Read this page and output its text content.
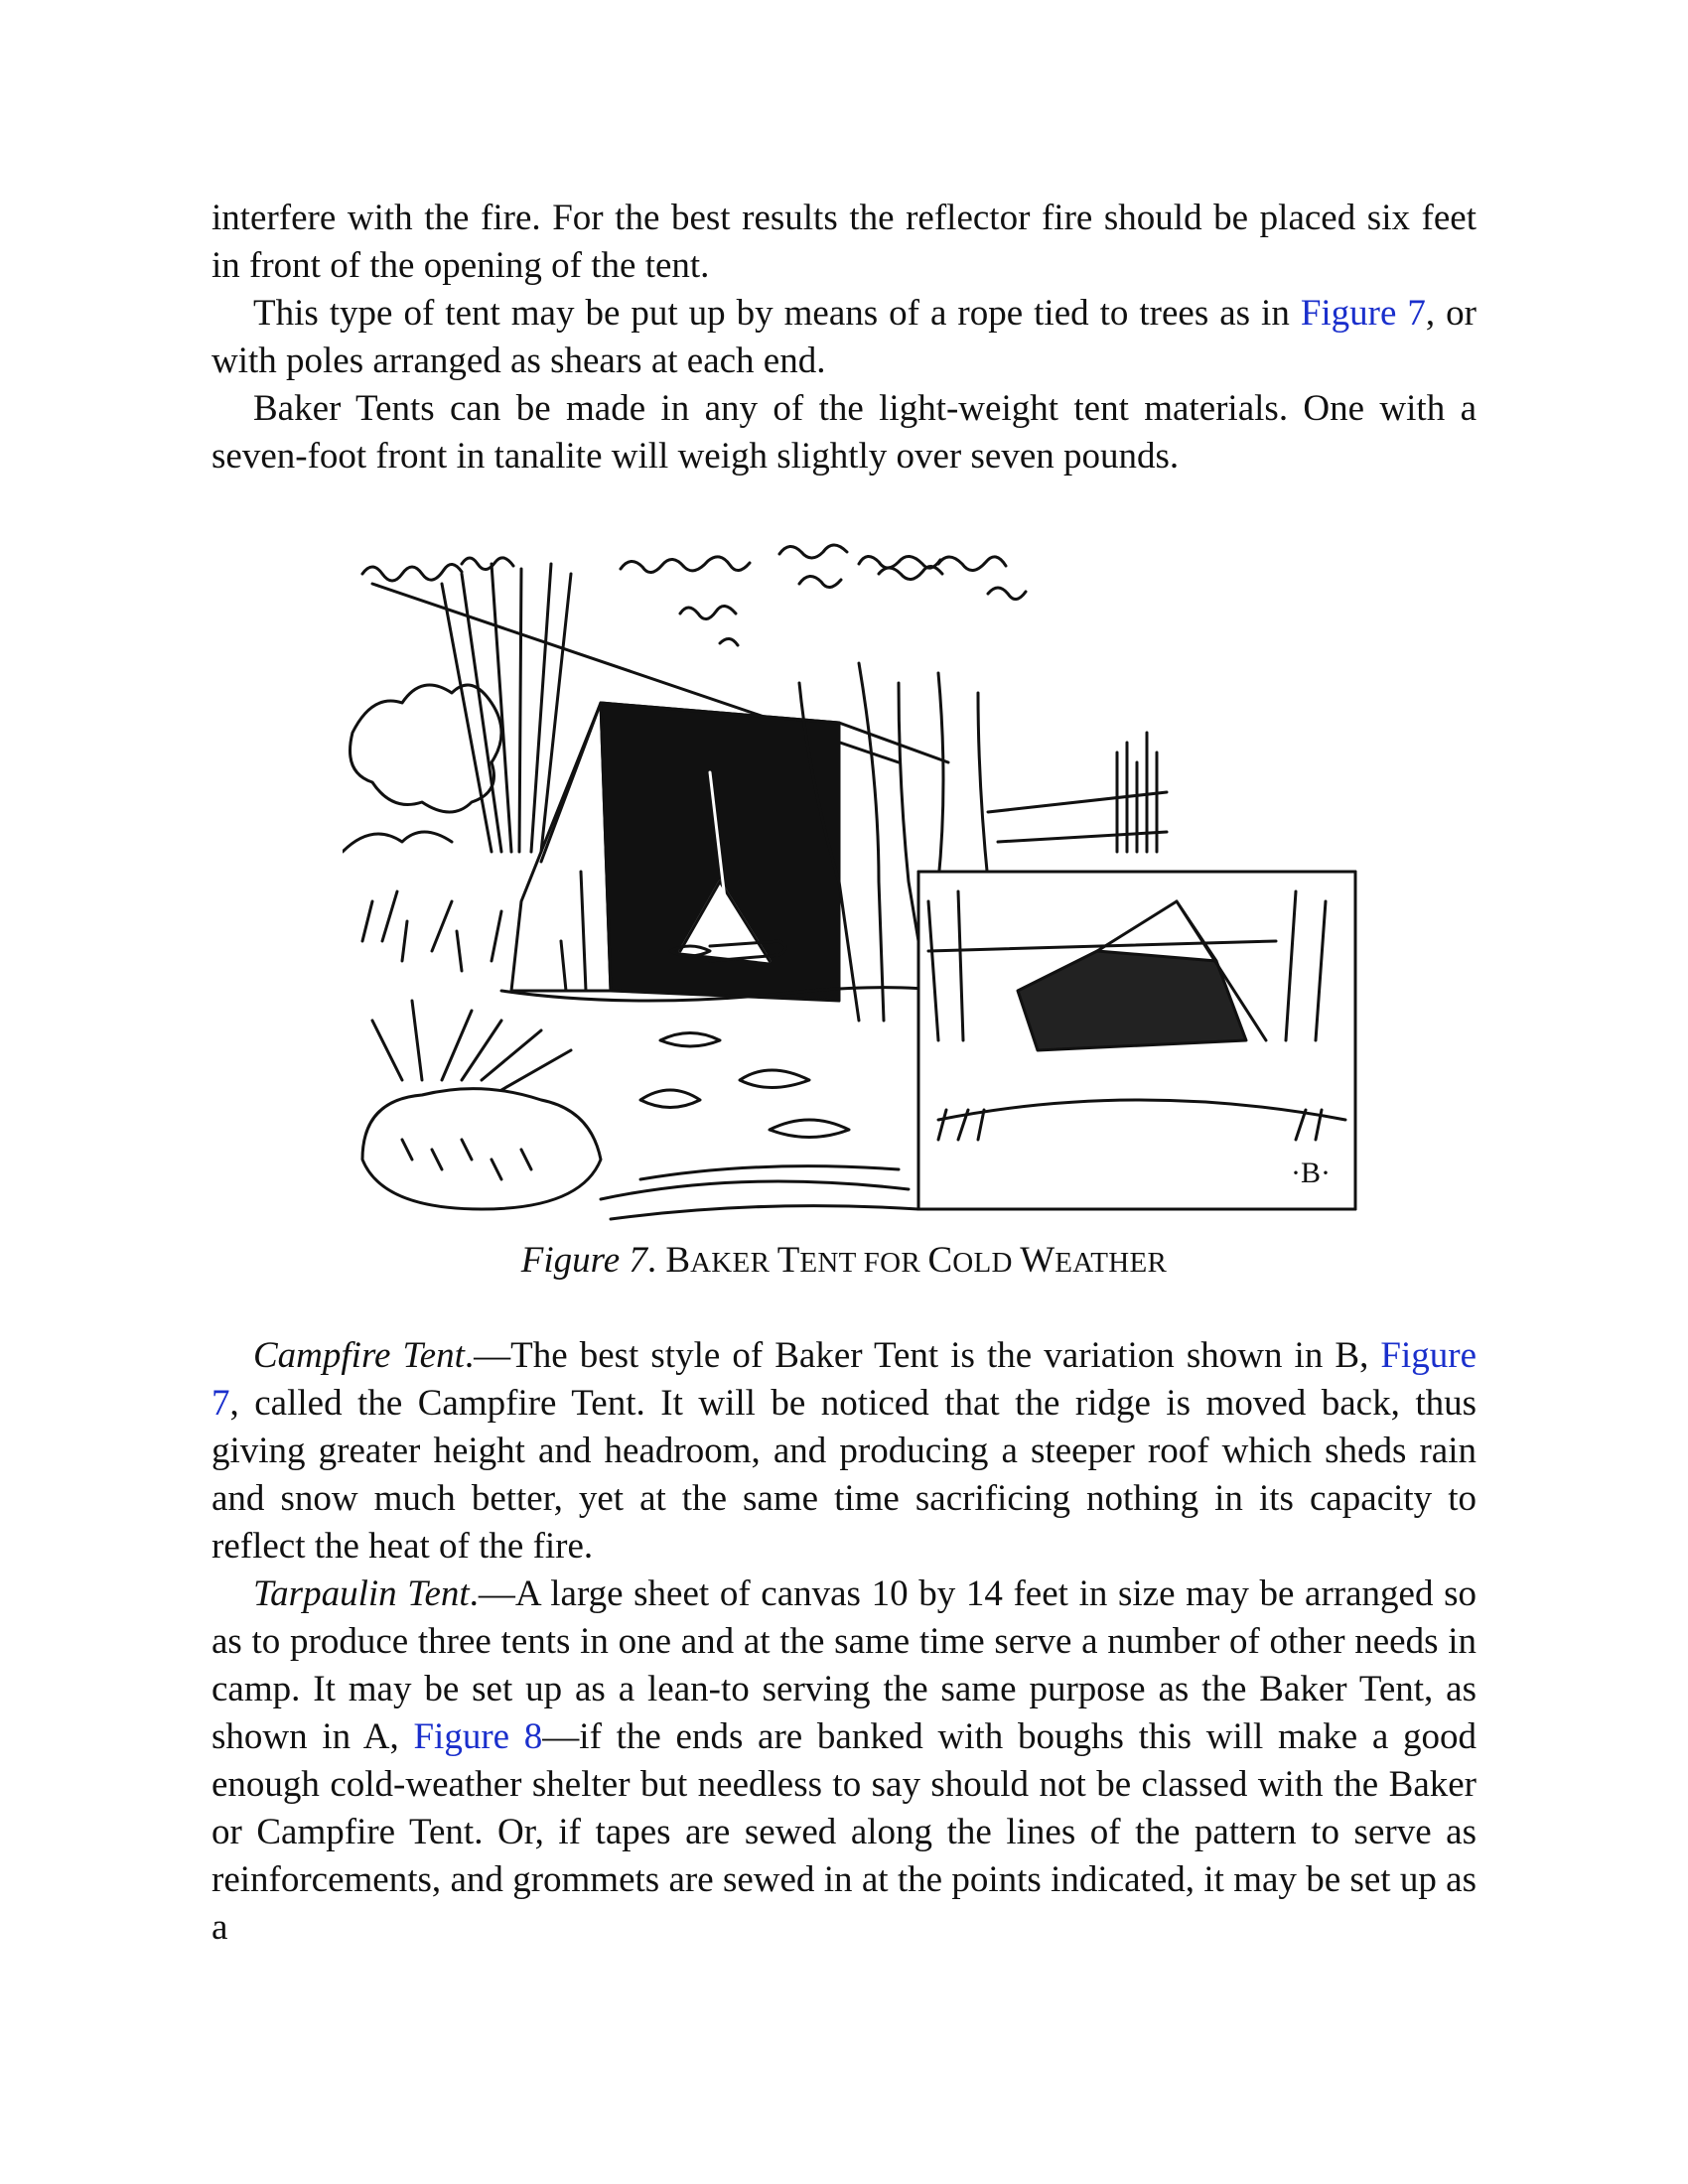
interfere with the fire. For the best results the reflector fire should be placed six feet in front of the opening of the tent.

This type of tent may be put up by means of a rope tied to trees as in Figure 7, or with poles arranged as shears at each end.

Baker Tents can be made in any of the light-weight tent materials. One with a seven-foot front in tanalite will weigh slightly over seven pounds.

·B·

Figure 7. BAKER TENT FOR COLD WEATHER

Campfire Tent.—The best style of Baker Tent is the variation shown in B, Figure 7, called the Campfire Tent. It will be noticed that the ridge is moved back, thus giving greater height and headroom, and producing a steeper roof which sheds rain and snow much better, yet at the same time sacrificing nothing in its capacity to reflect the heat of the fire.

Tarpaulin Tent.—A large sheet of canvas 10 by 14 feet in size may be arranged so as to produce three tents in one and at the same time serve a number of other needs in camp. It may be set up as a lean-to serving the same purpose as the Baker Tent, as shown in A, Figure 8—if the ends are banked with boughs this will make a good enough cold-weather shelter but needless to say should not be classed with the Baker or Campfire Tent. Or, if tapes are sewed along the lines of the pattern to serve as reinforcements, and grommets are sewed in at the points indicated, it may be set up as a
